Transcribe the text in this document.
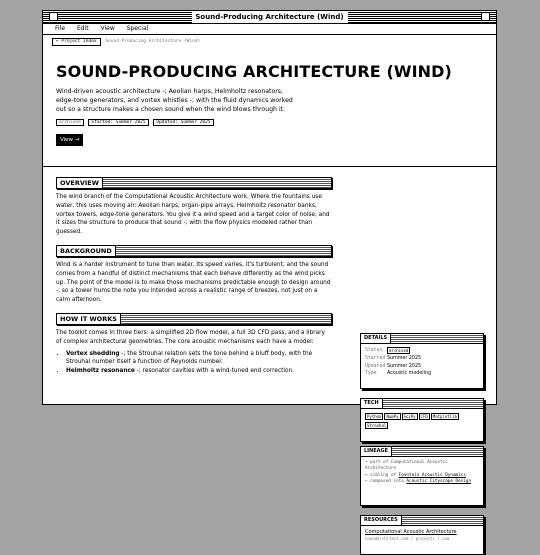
Sound-Producing Architecture (Wind)
File Edit View Special
← Project Index Sound-Producing Architecture (Wind)
SOUND-PRODUCING ARCHITECTURE (WIND)

Wind-driven acoustic architecture -; Aeolian harps, Helmholtz resonators, edge-tone generators, and vortex whistles -; with the fluid dynamics worked out so a structure makes a chosen sound when the wind blows through it.

archived Started: Summer 2025 Updated: Summer 2025
View →
OVERVIEW

The wind branch of the Computational Acoustic Architecture work. Where the fountains use water, this uses moving air: Aeolian harps, organ-pipe arrays, Helmholtz resonator banks, vortex towers, edge-tone generators. You give it a wind speed and a target color of noise, and it sizes the structure to produce that sound -; with the flow physics modeled rather than guessed.

BACKGROUND

Wind is a harder instrument to tune than water. Its speed varies, it's turbulent, and the sound comes from a handful of distinct mechanisms that each behave differently as the wind picks up. The point of the model is to make those mechanisms predictable enough to design around -; so a tower hums the note you intended across a realistic range of breezes, not just on a calm afternoon.

HOW IT WORKS

The toolkit comes in three tiers: a simplified 2D flow model, a full 3D CFD pass, and a library of complex architectural geometries. The core acoustic mechanisms each have a model:

• Vortex shedding -; the Strouhal relation sets the tone behind a bluff body, with the Strouhal number itself a function of Reynolds number.
• Helmholtz resonance -; resonator cavities with a wind-tuned end correction.
DETAILS
Status	archived
Started Summer 2025
Updated Summer 2025
Type	Acoustic modeling
TECH
Python NumPy SciPy CFD MatplotlibStrouhal
LINEAGE
→ part of Computational Acoustic Architecture
↔ sibling of Fountain Acoustic Dynamics
← composed into Acoustic Cityscape Design
RESOURCES
Computational Acoustic Architecture
soundarchitect.com / projects / caa
